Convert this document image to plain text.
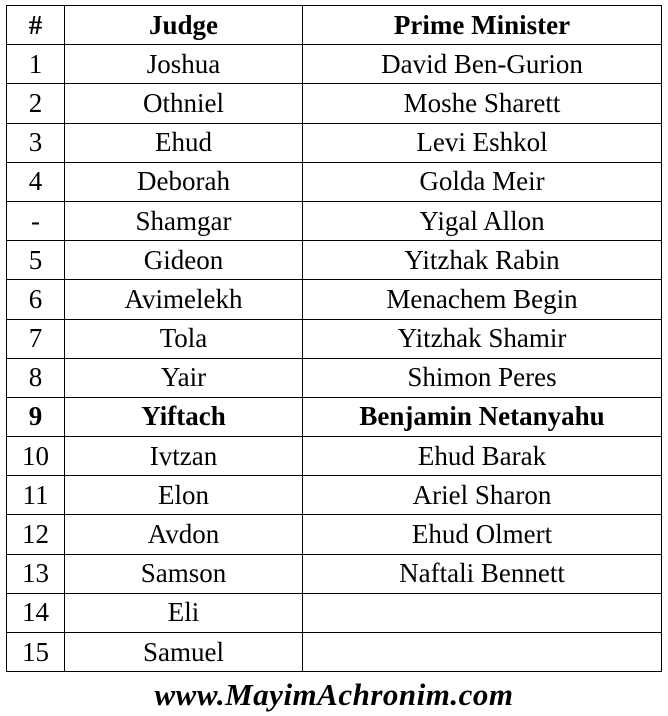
#	Judge	Prime Minister
1	Joshua	David Ben-Gurion
2	Othniel	Moshe Sharett
3	Ehud	Levi Eshkol
4	Deborah	Golda Meir
-	Shamgar	Yigal Allon
5	Gideon	Yitzhak Rabin
6	Avimelekh	Menachem Begin
7	Tola	Yitzhak Shamir
8	Yair	Shimon Peres
9	Yiftach	Benjamin Netanyahu
10	Ivtzan	Ehud Barak
11	Elon	Ariel Sharon
12	Avdon	Ehud Olmert
13	Samson	Naftali Bennett
14	Eli	
15	Samuel	
www.MayimAchronim.com
